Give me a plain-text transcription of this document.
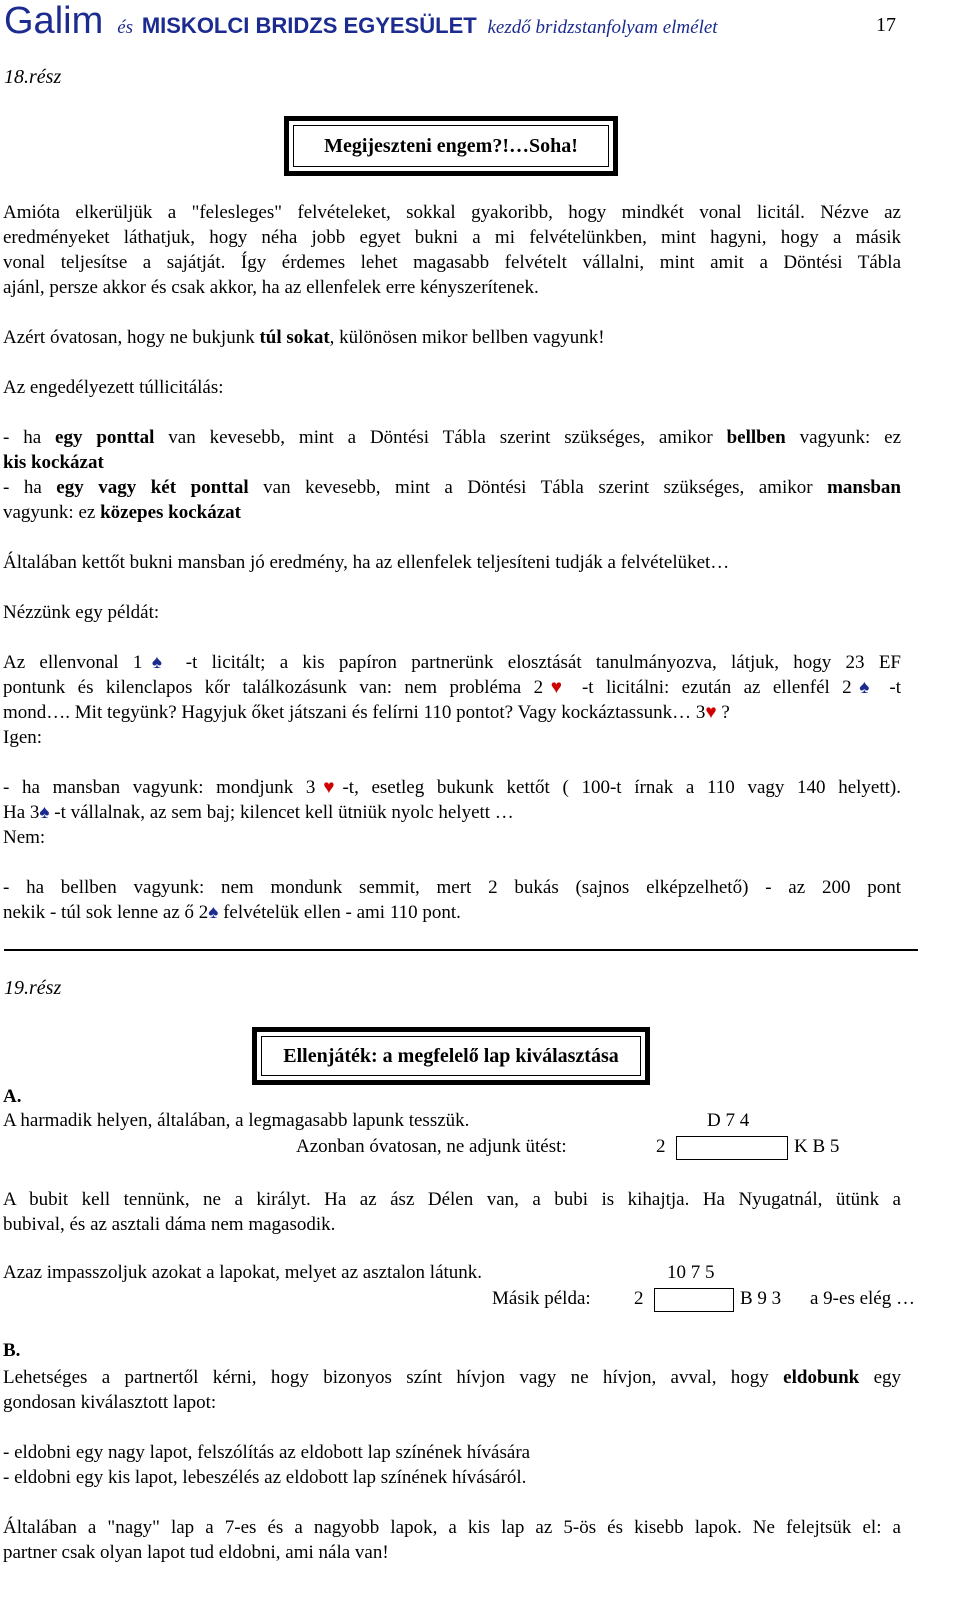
Galim és MISKOLCI BRIDZS EGYESÜLET kezdő bridzstanfolyam elmélet	17
18.rész
Megijeszteni engem?!…Soha!
Amióta elkerüljük a "felesleges" felvételeket, sokkal gyakoribb, hogy mindkét vonal licitál. Nézve az
eredményeket láthatjuk, hogy néha jobb egyet bukni a mi felvételünkben, mint hagyni, hogy a másik
vonal teljesítse a sajátját. Így érdemes lehet magasabb felvételt vállalni, mint amit a Döntési Tábla
ajánl, persze akkor és csak akkor, ha az ellenfelek erre kényszerítenek.
Azért óvatosan, hogy ne bukjunk túl sokat, különösen mikor bellben vagyunk!
Az engedélyezett túllicitálás:
- ha egy ponttal van kevesebb, mint a Döntési Tábla szerint szükséges, amikor bellben vagyunk: ez
kis kockázat
- ha egy vagy két ponttal van kevesebb, mint a Döntési Tábla szerint szükséges, amikor mansban
vagyunk: ez közepes kockázat
Általában kettőt bukni mansban jó eredmény, ha az ellenfelek teljesíteni tudják a felvételüket…
Nézzünk egy példát:
Az ellenvonal 1♠ -t licitált; a kis papíron partnerünk elosztását tanulmányozva, látjuk, hogy 23 EF
pontunk és kilenclapos kőr találkozásunk van: nem probléma 2♥ -t licitálni: ezután az ellenfél 2♠ -t
mond…. Mit tegyünk? Hagyjuk őket játszani és felírni 110 pontot? Vagy kockáztassunk… 3♥ ?
Igen:
- ha mansban vagyunk: mondjunk 3♥-t, esetleg bukunk kettőt ( 100-t írnak a 110 vagy 140 helyett).
Ha 3♠ -t vállalnak, az sem baj; kilencet kell ütniük nyolc helyett …
Nem:
- ha bellben vagyunk: nem mondunk semmit, mert 2 bukás (sajnos elképzelhető) - az 200 pont
nekik - túl sok lenne az ő 2♠ felvételük ellen - ami 110 pont.
19.rész
Ellenjáték: a megfelelő lap kiválasztása
A.
A harmadik helyen, általában, a legmagasabb lapunk tesszük.	D 7 4
Azonban óvatosan, ne adjunk ütést:	2	K B 5
A bubit kell tennünk, ne a királyt. Ha az ász Délen van, a bubi is kihajtja. Ha Nyugatnál, ütünk a
bubival, és az asztali dáma nem magasodik.
Azaz impasszoljuk azokat a lapokat, melyet az asztalon látunk.	10 7 5
Másik példa: 2	B 9 3 a 9-es elég …
B.
Lehetséges a partnertől kérni, hogy bizonyos színt hívjon vagy ne hívjon, avval, hogy eldobunk egy
gondosan kiválasztott lapot:
- eldobni egy nagy lapot, felszólítás az eldobott lap színének hívására
- eldobni egy kis lapot, lebeszélés az eldobott lap színének hívásáról.
Általában a "nagy" lap a 7-es és a nagyobb lapok, a kis lap az 5-ös és kisebb lapok. Ne felejtsük el: a
partner csak olyan lapot tud eldobni, ami nála van!
